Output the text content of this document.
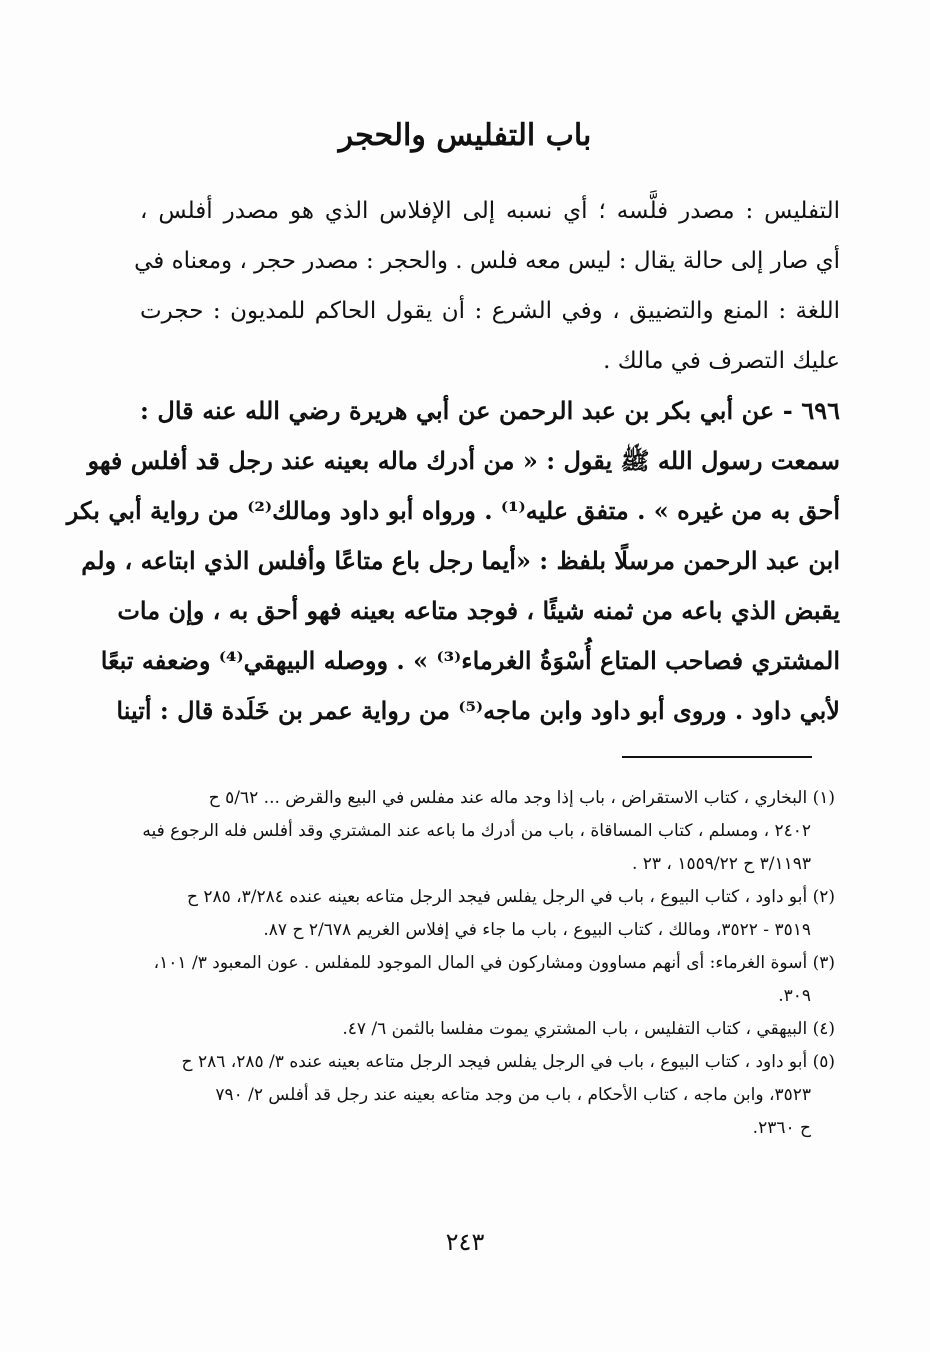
باب التفليس والحجر
التفليس : مصدر فلَّسه ؛ أي نسبه إلى الإفلاس الذي هو مصدر أفلس ،
أي صار إلى حالة يقال : ليس معه فلس . والحجر : مصدر حجر ، ومعناه في
اللغة : المنع والتضييق ، وفي الشرع : أن يقول الحاكم للمديون : حجرت
عليك التصرف في مالك .
٦٩٦ - عن أبي بكر بن عبد الرحمن عن أبي هريرة رضي الله عنه قال :
سمعت رسول الله ﷺ يقول : « من أدرك ماله بعينه عند رجل قد أفلس فهو
أحق به من غيره » . متفق عليه⁽¹⁾ . ورواه أبو داود ومالك⁽²⁾ من رواية أبي بكر
ابن عبد الرحمن مرسلًا بلفظ : «أيما رجل باع متاعًا وأفلس الذي ابتاعه ، ولم
يقبض الذي باعه من ثمنه شيئًا ، فوجد متاعه بعينه فهو أحق به ، وإن مات
المشتري فصاحب المتاع أُسْوَةُ الغرماء⁽³⁾ » . ووصله البيهقي⁽⁴⁾ وضعفه تبعًا
لأبي داود . وروى أبو داود وابن ماجه⁽⁵⁾ من رواية عمر بن خَلَدة قال : أتينا
(١) البخاري ، كتاب الاستقراض ، باب إذا وجد ماله عند مفلس في البيع والقرض ... ٥/٦٢ ح
٢٤٠٢ ، ومسلم ، كتاب المساقاة ، باب من أدرك ما باعه عند المشتري وقد أفلس فله الرجوع فيه
٣/١١٩٣ ح ١٥٥٩/٢٢ ، ٢٣ .
(٢) أبو داود ، كتاب البيوع ، باب في الرجل يفلس فيجد الرجل متاعه بعينه عنده ٣/٢٨٤، ٢٨٥ ح
٣٥١٩ - ٣٥٢٢، ومالك ، كتاب البيوع ، باب ما جاء في إفلاس الغريم ٢/٦٧٨ ح ٨٧.
(٣) أسوة الغرماء: أى أنهم مساوون ومشاركون في المال الموجود للمفلس . عون المعبود ٣/ ١٠١،
٣٠٩.
(٤) البيهقي ، كتاب التفليس ، باب المشتري يموت مفلسا بالثمن ٦/ ٤٧.
(٥) أبو داود ، كتاب البيوع ، باب في الرجل يفلس فيجد الرجل متاعه بعينه عنده ٣/ ٢٨٥، ٢٨٦ ح
٣٥٢٣، وابن ماجه ، كتاب الأحكام ، باب من وجد متاعه بعينه عند رجل قد أفلس ٢/ ٧٩٠
ح ٢٣٦٠.
٢٤٣
